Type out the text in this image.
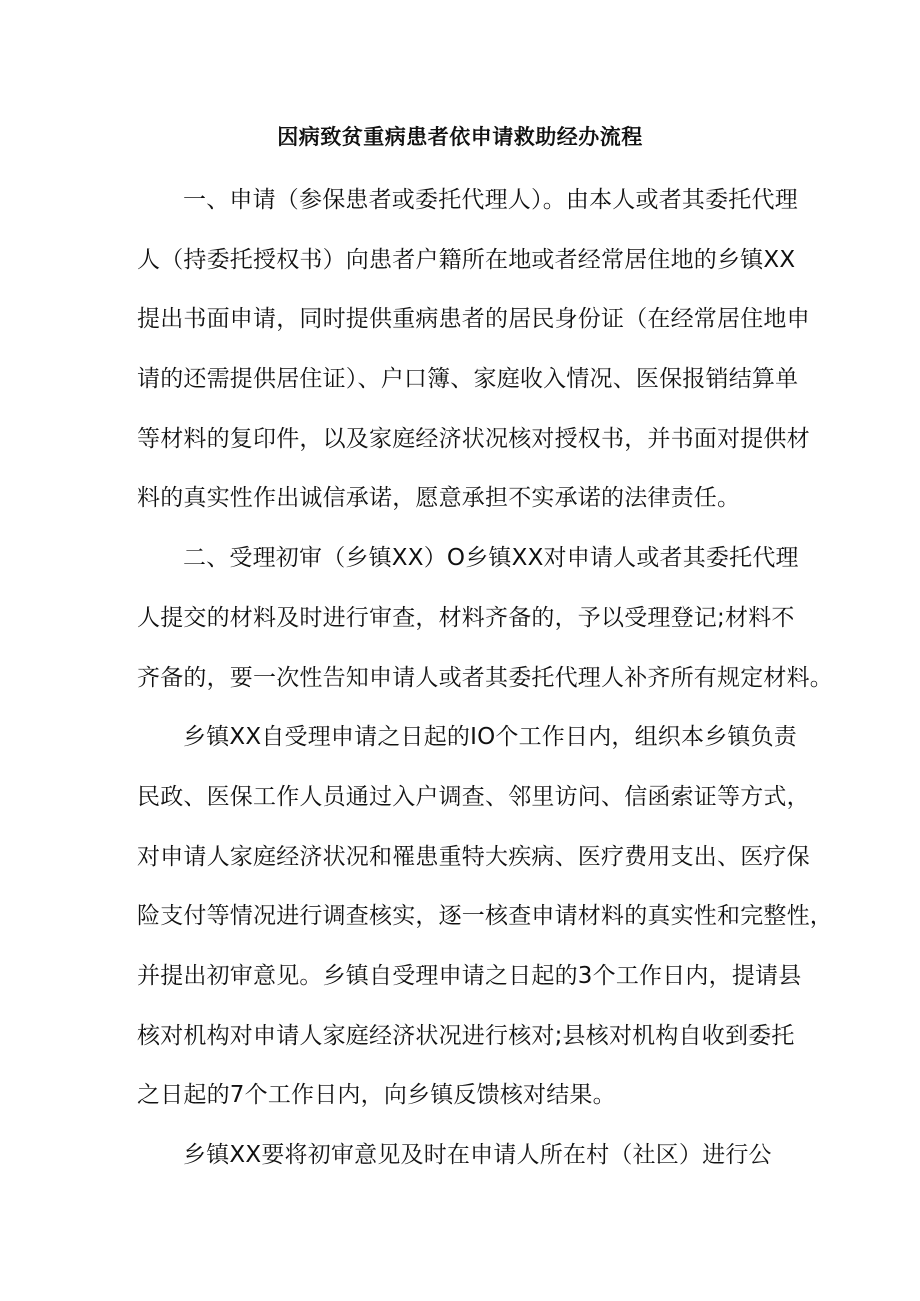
因病致贫重病患者依申请救助经办流程
一、申请（参保患者或委托代理人）。由本人或者其委托代理
人（持委托授权书）向患者户籍所在地或者经常居住地的乡镇XX
提出书面申请，同时提供重病患者的居民身份证（在经常居住地申
请的还需提供居住证）、户口簿、家庭收入情况、医保报销结算单
等材料的复印件，以及家庭经济状况核对授权书，并书面对提供材
料的真实性作出诚信承诺，愿意承担不实承诺的法律责任。
二、受理初审（乡镇XX）O乡镇XX对申请人或者其委托代理
人提交的材料及时进行审查，材料齐备的，予以受理登记;材料不
齐备的，要一次性告知申请人或者其委托代理人补齐所有规定材料。
乡镇XX自受理申请之日起的IO个工作日内，组织本乡镇负责
民政、医保工作人员通过入户调查、邻里访问、信函索证等方式，
对申请人家庭经济状况和罹患重特大疾病、医疗费用支出、医疗保
险支付等情况进行调查核实，逐一核查申请材料的真实性和完整性，
并提出初审意见。乡镇自受理申请之日起的3个工作日内，提请县
核对机构对申请人家庭经济状况进行核对;县核对机构自收到委托
之日起的7个工作日内，向乡镇反馈核对结果。
乡镇XX要将初审意见及时在申请人所在村（社区）进行公
